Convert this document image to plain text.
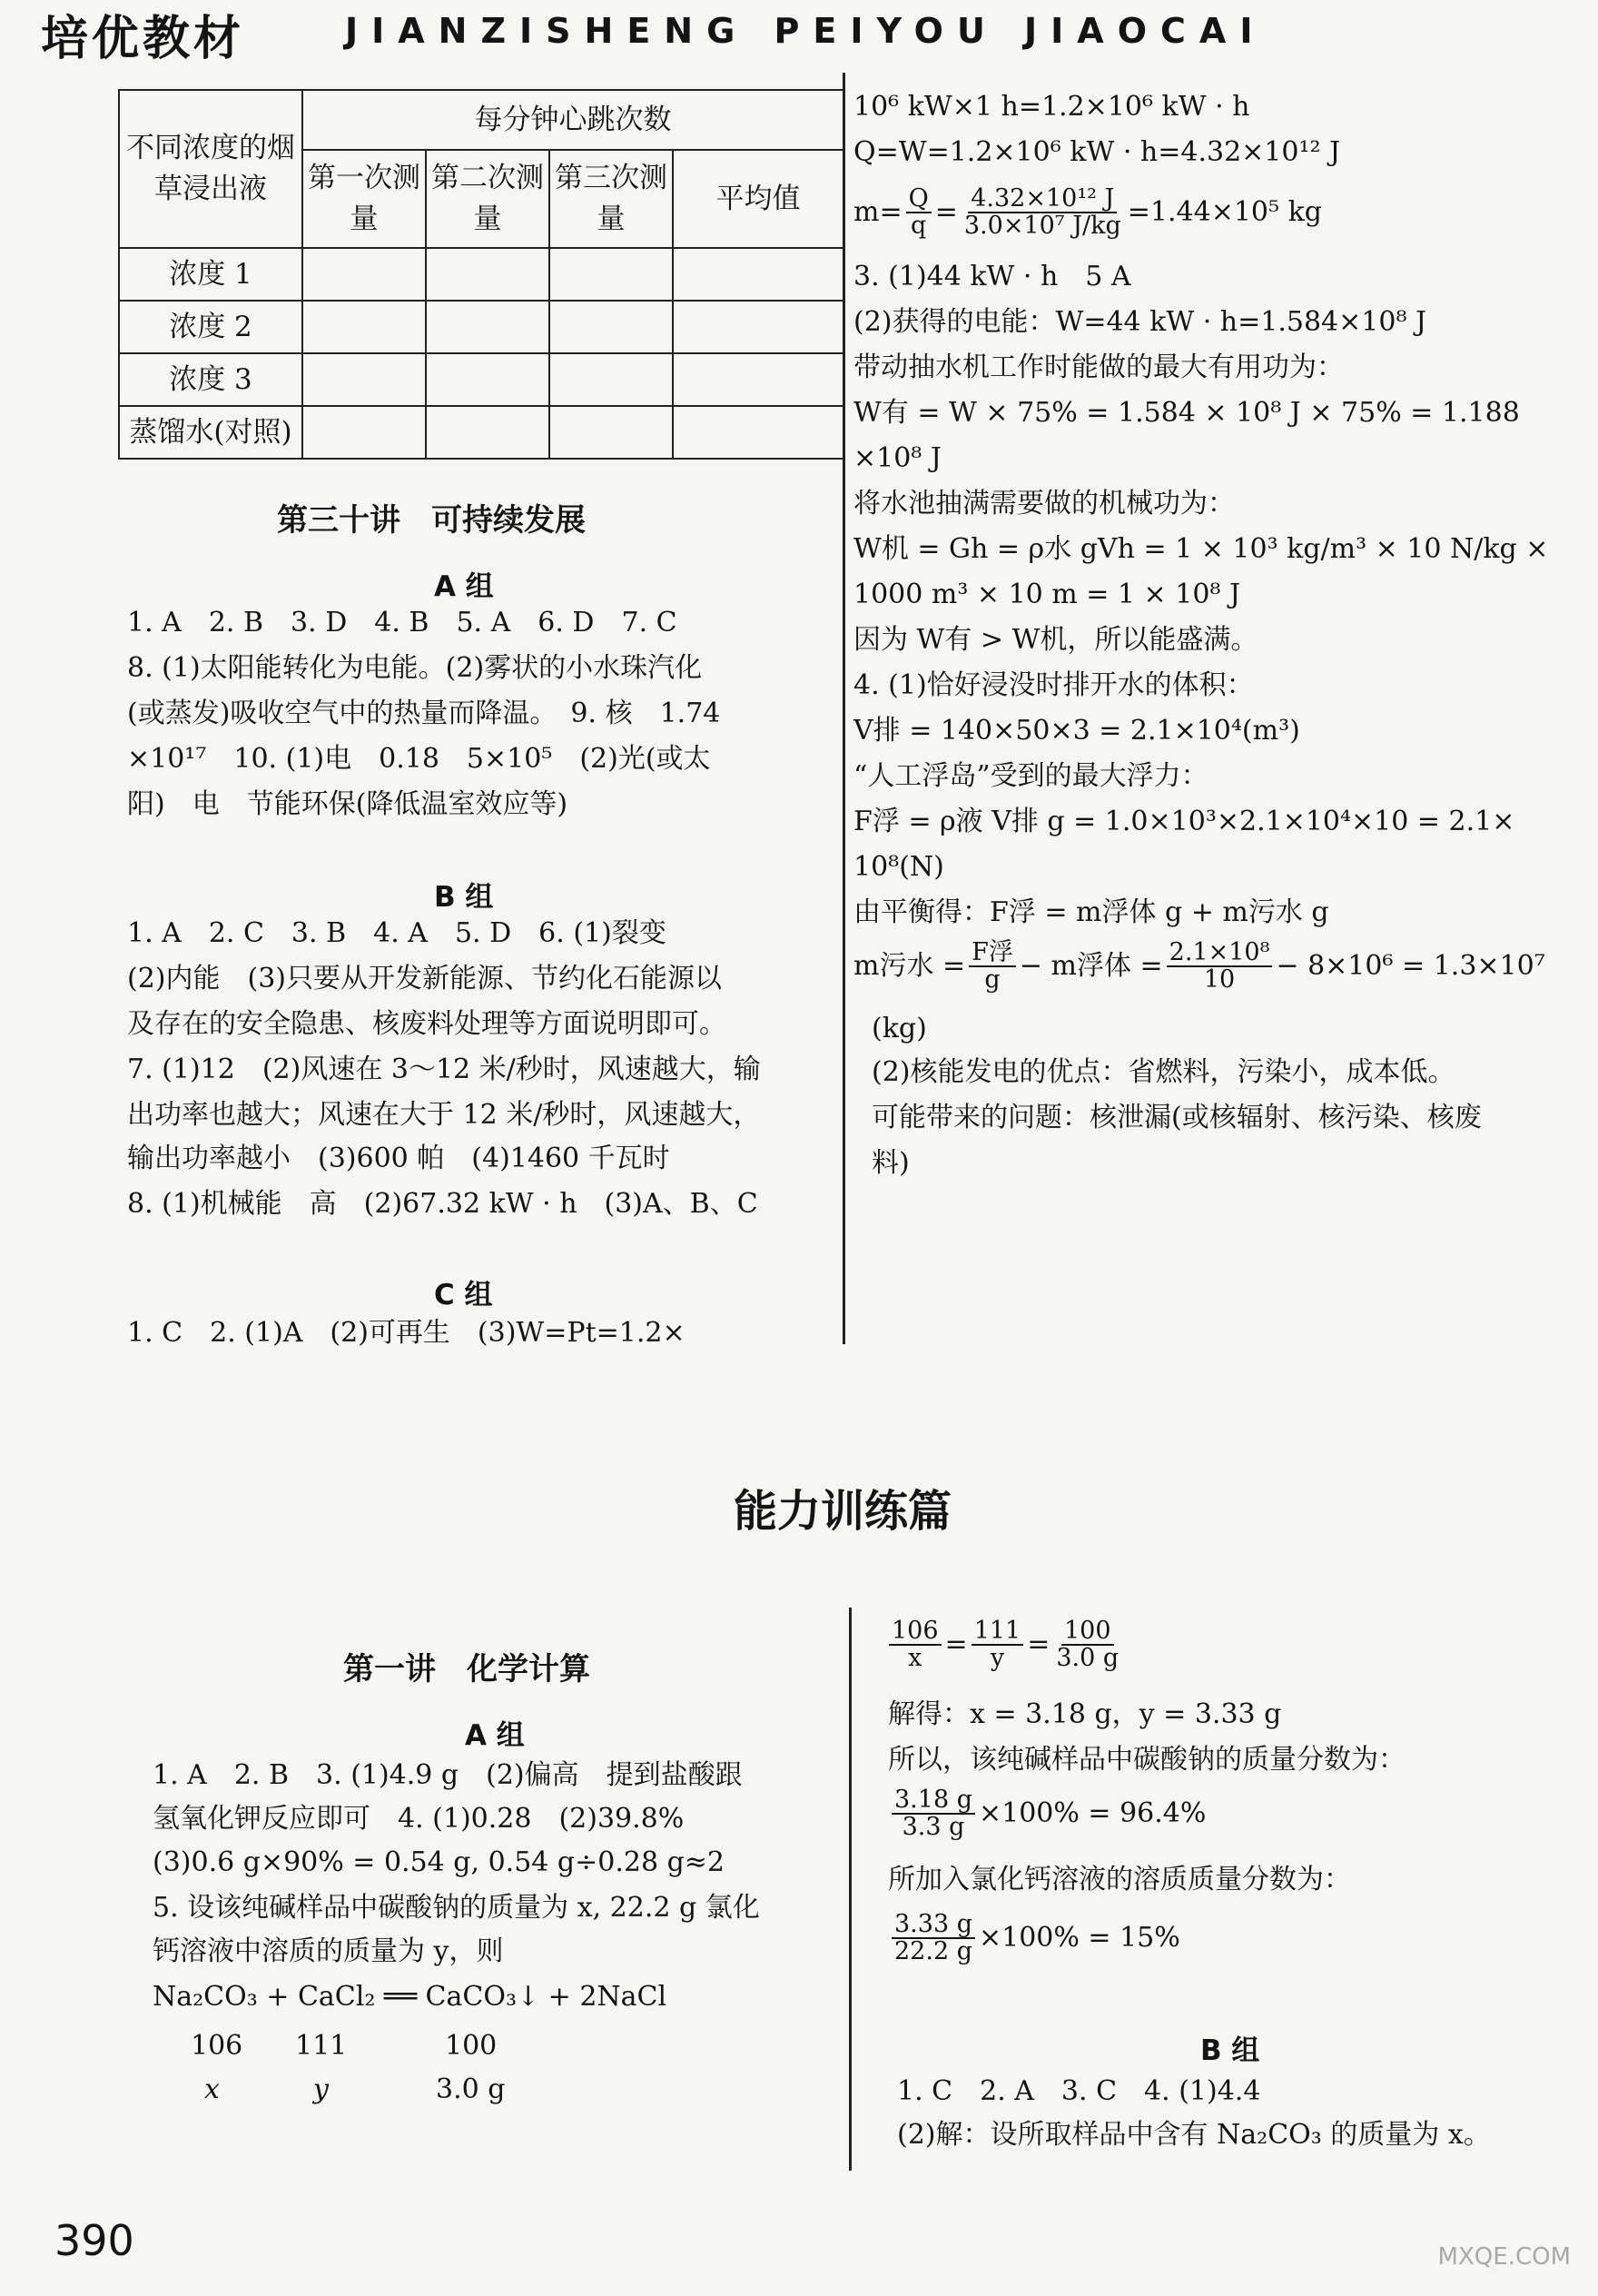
培优教材	JIANZISHENG PEIYOU JIAOCAI
不同浓度的烟草浸出液	每分钟心跳次数			
	第一次测量	第二次测量	第三次测量	平均值
浓度 1				
浓度 2				
浓度 3				
蒸馏水(对照)				
第三十讲　可持续发展
A 组
1. A　2. B　3. D　4. B　5. A　6. D　7. C
8. (1)太阳能转化为电能。(2)雾状的小水珠汽化
(或蒸发)吸收空气中的热量而降温。　9. 核　1.74
×10¹⁷　10. (1)电　0.18　5×10⁵　(2)光(或太
阳)　电　节能环保(降低温室效应等)
B 组
1. A　2. C　3. B　4. A　5. D　6. (1)裂变
(2)内能　(3)只要从开发新能源、节约化石能源以
及存在的安全隐患、核废料处理等方面说明即可。
7. (1)12　(2)风速在 3～12 米/秒时，风速越大，输
出功率也越大；风速在大于 12 米/秒时，风速越大，
输出功率越小　(3)600 帕　(4)1460 千瓦时
8. (1)机械能　高　(2)67.32 kW · h　(3)A、B、C
C 组
1. C　2. (1)A　(2)可再生　(3)W=Pt=1.2×
10⁶ kW×1 h=1.2×10⁶ kW · h
Q=W=1.2×10⁶ kW · h=4.32×10¹² J
$m= \frac{Q}{q} = \frac{\text{4.32×10¹² J}}{\text{3.0×10⁷ J/kg}} =1.44\times 10^5$ kg
3. (1)44 kW · h　5 A
(2)获得的电能：W=44 kW · h=1.584×10⁸ J
带动抽水机工作时能做的最大有用功为：
W有 = W × 75% = 1.584 × 10⁸ J × 75% = 1.188
×10⁸ J
将水池抽满需要做的机械功为：
W机 = Gh = ρ水 gVh = 1 × 10³ kg/m³ × 10 N/kg ×
1000 m³ × 10 m = 1 × 10⁸ J
因为 W有 > W机，所以能盛满。
4. (1)恰好浸没时排开水的体积：
V排 = 140×50×3 = 2.1×10⁴(m³)
“人工浮岛”受到的最大浮力：
F浮 = ρ液 V排 g = 1.0×10³×2.1×10⁴×10 = 2.1×
10⁸(N)
由平衡得：F浮 = m浮体 g + m污水 g
m污水 = $\frac{\text{F浮}}{g} - m$浮体 = $\frac{\text{2.1×10⁸}}{10} - 8\times 10^6 = 1.3\times 10^7$
(kg)
(2)核能发电的优点：省燃料，污染小，成本低。
可能带来的问题：核泄漏(或核辐射、核污染、核废
料)
能力训练篇
第一讲　化学计算
A 组
1. A　2. B　3. (1)4.9 g　(2)偏高　提到盐酸跟
氢氧化钾反应即可　4. (1)0.28　(2)39.8%
(3)0.6 g×90% = 0.54 g, 0.54 g÷0.28 g≈2
5. 设该纯碱样品中碳酸钠的质量为 x, 22.2 g 氯化
钙溶液中溶质的质量为 y，则
Na₂CO₃ + CaCl₂ ══ CaCO₃↓ + 2NaCl
106 111	100
x	y	3.0 g
$\frac{106}{x} = \frac{111}{y} = \frac{100}{3.0 g}$
解得：x = 3.18 g，y = 3.33 g
所以，该纯碱样品中碳酸钠的质量分数为：
$\frac{3.18 g}{3.3 g} \times 100\% = 96.4\%$
所加入氯化钙溶液的溶质质量分数为：
$\frac{3.33 g}{22.2 g} \times 100\% = 15\%$
B 组
1. C　2. A　3. C　4. (1)4.4
(2)解：设所取样品中含有 Na₂CO₃ 的质量为 x。
390	MXQE.COM
